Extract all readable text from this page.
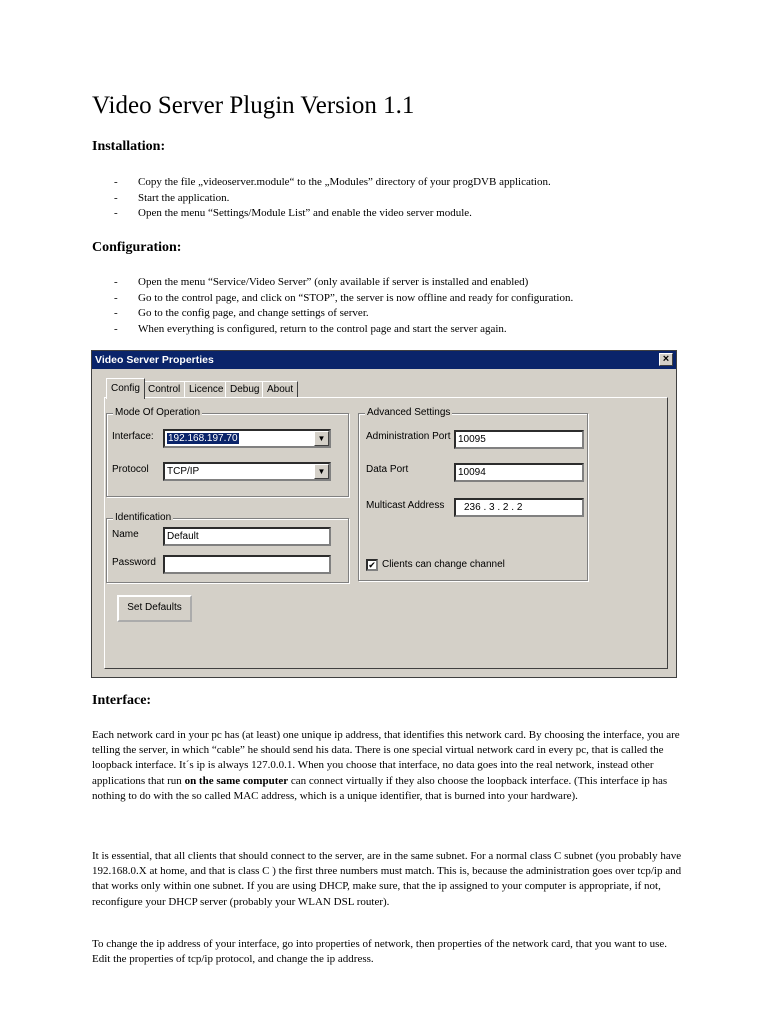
Video Server Plugin Version 1.1
Installation:
- Copy the file „videoserver.module“ to the „Modules” directory of your progDVB application.
- Start the application.
- Open the menu “Settings/Module List” and enable the video server module.
Configuration:
- Open the menu “Service/Video Server” (only available if server is installed and enabled)
- Go to the control page, and click on “STOP”, the server is now offline and ready for configuration.
- Go to the config page, and change settings of server.
- When everything is configured, return to the control page and start the server again.
Video Server Properties	×
Config Control Licence Debug About
Mode Of Operation
Interface:	192.168.197.70	▼
Protocol	TCP/IP	▼
Identification
Name	Default
Password
Advanced Settings
Administration Port 10095
Data Port	10094
Multicast Address	236 . 3 . 2 . 2
✔ Clients can change channel
Set Defaults
Interface:

Each network card in your pc has (at least) one unique ip address, that identifies this network card. By choosing the interface, you are telling the server, in which “cable” he should send his data. There is one special virtual network card in every pc, that is called the loopback interface. It´s ip is always 127.0.0.1. When you choose that interface, no data goes into the real network, instead other applications that run on the same computer can connect virtually if they also choose the loopback interface. (This interface ip has nothing to do with the so called MAC address, which is a unique identifier, that is burned into your hardware).

It is essential, that all clients that should connect to the server, are in the same subnet. For a normal class C subnet (you probably have 192.168.0.X at home, and that is class C ) the first three numbers must match. This is, because the administration goes over tcp/ip and that works only within one subnet. If you are using DHCP, make sure, that the ip assigned to your computer is appropriate, if not, reconfigure your DHCP server (probably your WLAN DSL router).

To change the ip address of your interface, go into properties of network, then properties of the network card, that you want to use. Edit the properties of tcp/ip protocol, and change the ip address.
